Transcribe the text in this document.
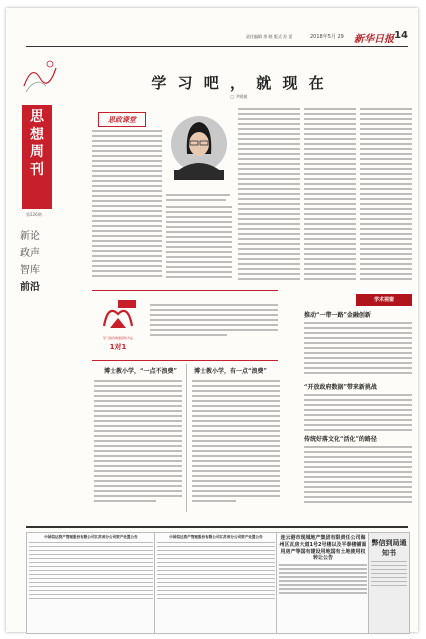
责任编辑 余 晓 版式 苏 雷	2018年5月 29 新华日报 14
思
想
周
刊
第226期
新论
政声
智库
前沿
学 习 吧 ， 就 现 在
□ 尹晓敏
思政课堂
学习的有效途径和方法
1对1
博士教小学，“一点不浪费”	博士教小学，有一点“浪费”
学术视窗
推动“一带一路”金融创新
“开放政府数据”带来新挑战
传统好落文化“活化”的路径
中国信达资产管理股份有限公司江苏省分公司资产处置公告	中国信达资产管理股份有限公司江苏省分公司资产处置公告	连云港市现城地产集团有限责任公司海州区瓦房大道1号2号楼以及平泰楼铺面用房产等国有建设用地国有土地使用权转让公告
弊信到局通知书
